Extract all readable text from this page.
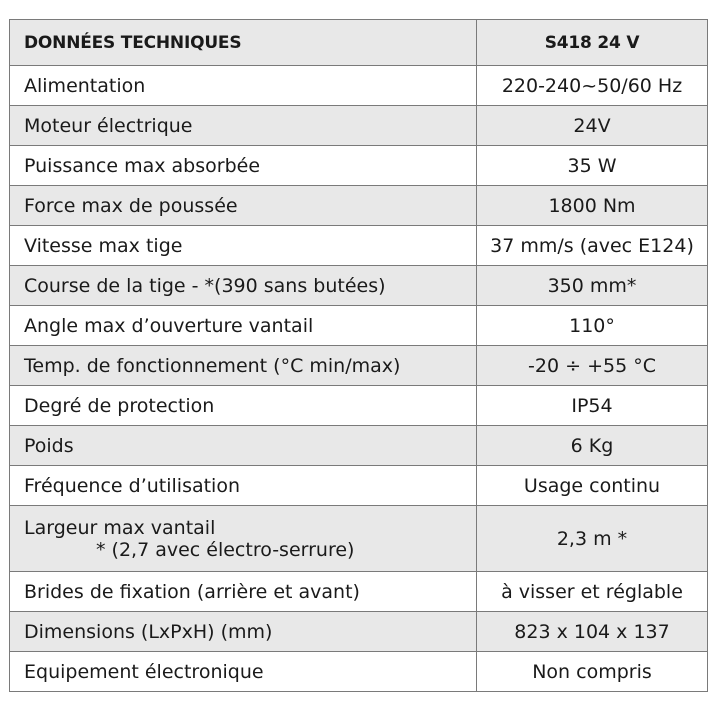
DONNÉES TECHNIQUES	S418 24 V
Alimentation	220-240~50/60 Hz
Moteur électrique	24V
Puissance max absorbée	35 W
Force max de poussée	1800 Nm
Vitesse max tige	37 mm/s (avec E124)
Course de la tige - *(390 sans butées)	350 mm*
Angle max d’ouverture vantail	110°
Temp. de fonctionnement (°C min/max)	-20 ÷ +55 °C
Degré de protection	IP54
Poids	6 Kg
Fréquence d’utilisation	Usage continu

Largeur max vantail
* (2,7 avec électro-serrure)	2,3 m *
Brides de fixation (arrière et avant)	à visser et réglable
Dimensions (LxPxH) (mm)	823 x 104 x 137
Equipement électronique	Non compris
